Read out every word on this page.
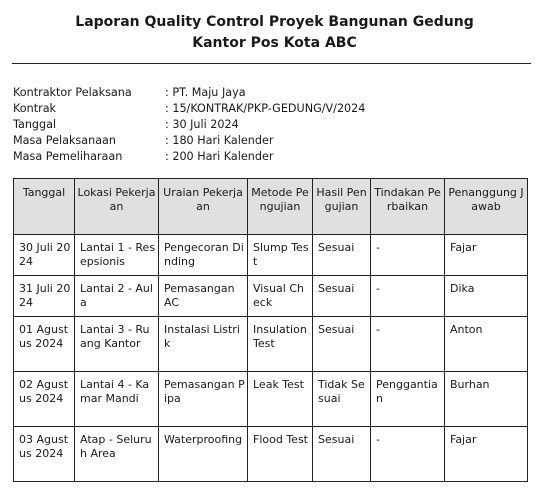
Laporan Quality Control Proyek Bangunan Gedung
Kantor Pos Kota ABC
Kontraktor Pelaksana	: PT. Maju Jaya
Kontrak	: 15/KONTRAK/PKP-GEDUNG/V/2024
Tanggal	: 30 Juli 2024
Masa Pelaksanaan	: 180 Hari Kalender
Masa Pemeliharaan	: 200 Hari Kalender
Tanggal	Lokasi Pekerjaan	Uraian Pekerjaan	Metode Pengujian	Hasil Pengujian	Tindakan Perbaikan	Penanggung Jawab
30 Juli 2024	Lantai 1 - Resepsionis	Pengecoran Dinding	Slump Test	Sesuai	-	Fajar
31 Juli 2024	Lantai 2 - Aula	Pemasangan AC	Visual Check	Sesuai	-	Dika
01 Agustus 2024	Lantai 3 - Ruang Kantor	Instalasi Listrik	Insulation Test	Sesuai	-	Anton
02 Agustus 2024	Lantai 4 - Kamar Mandi	Pemasangan Pipa	Leak Test	Tidak Sesuai	Penggantian	Burhan
03 Agustus 2024	Atap - Seluruh Area	Waterproofing	Flood Test	Sesuai	-	Fajar
